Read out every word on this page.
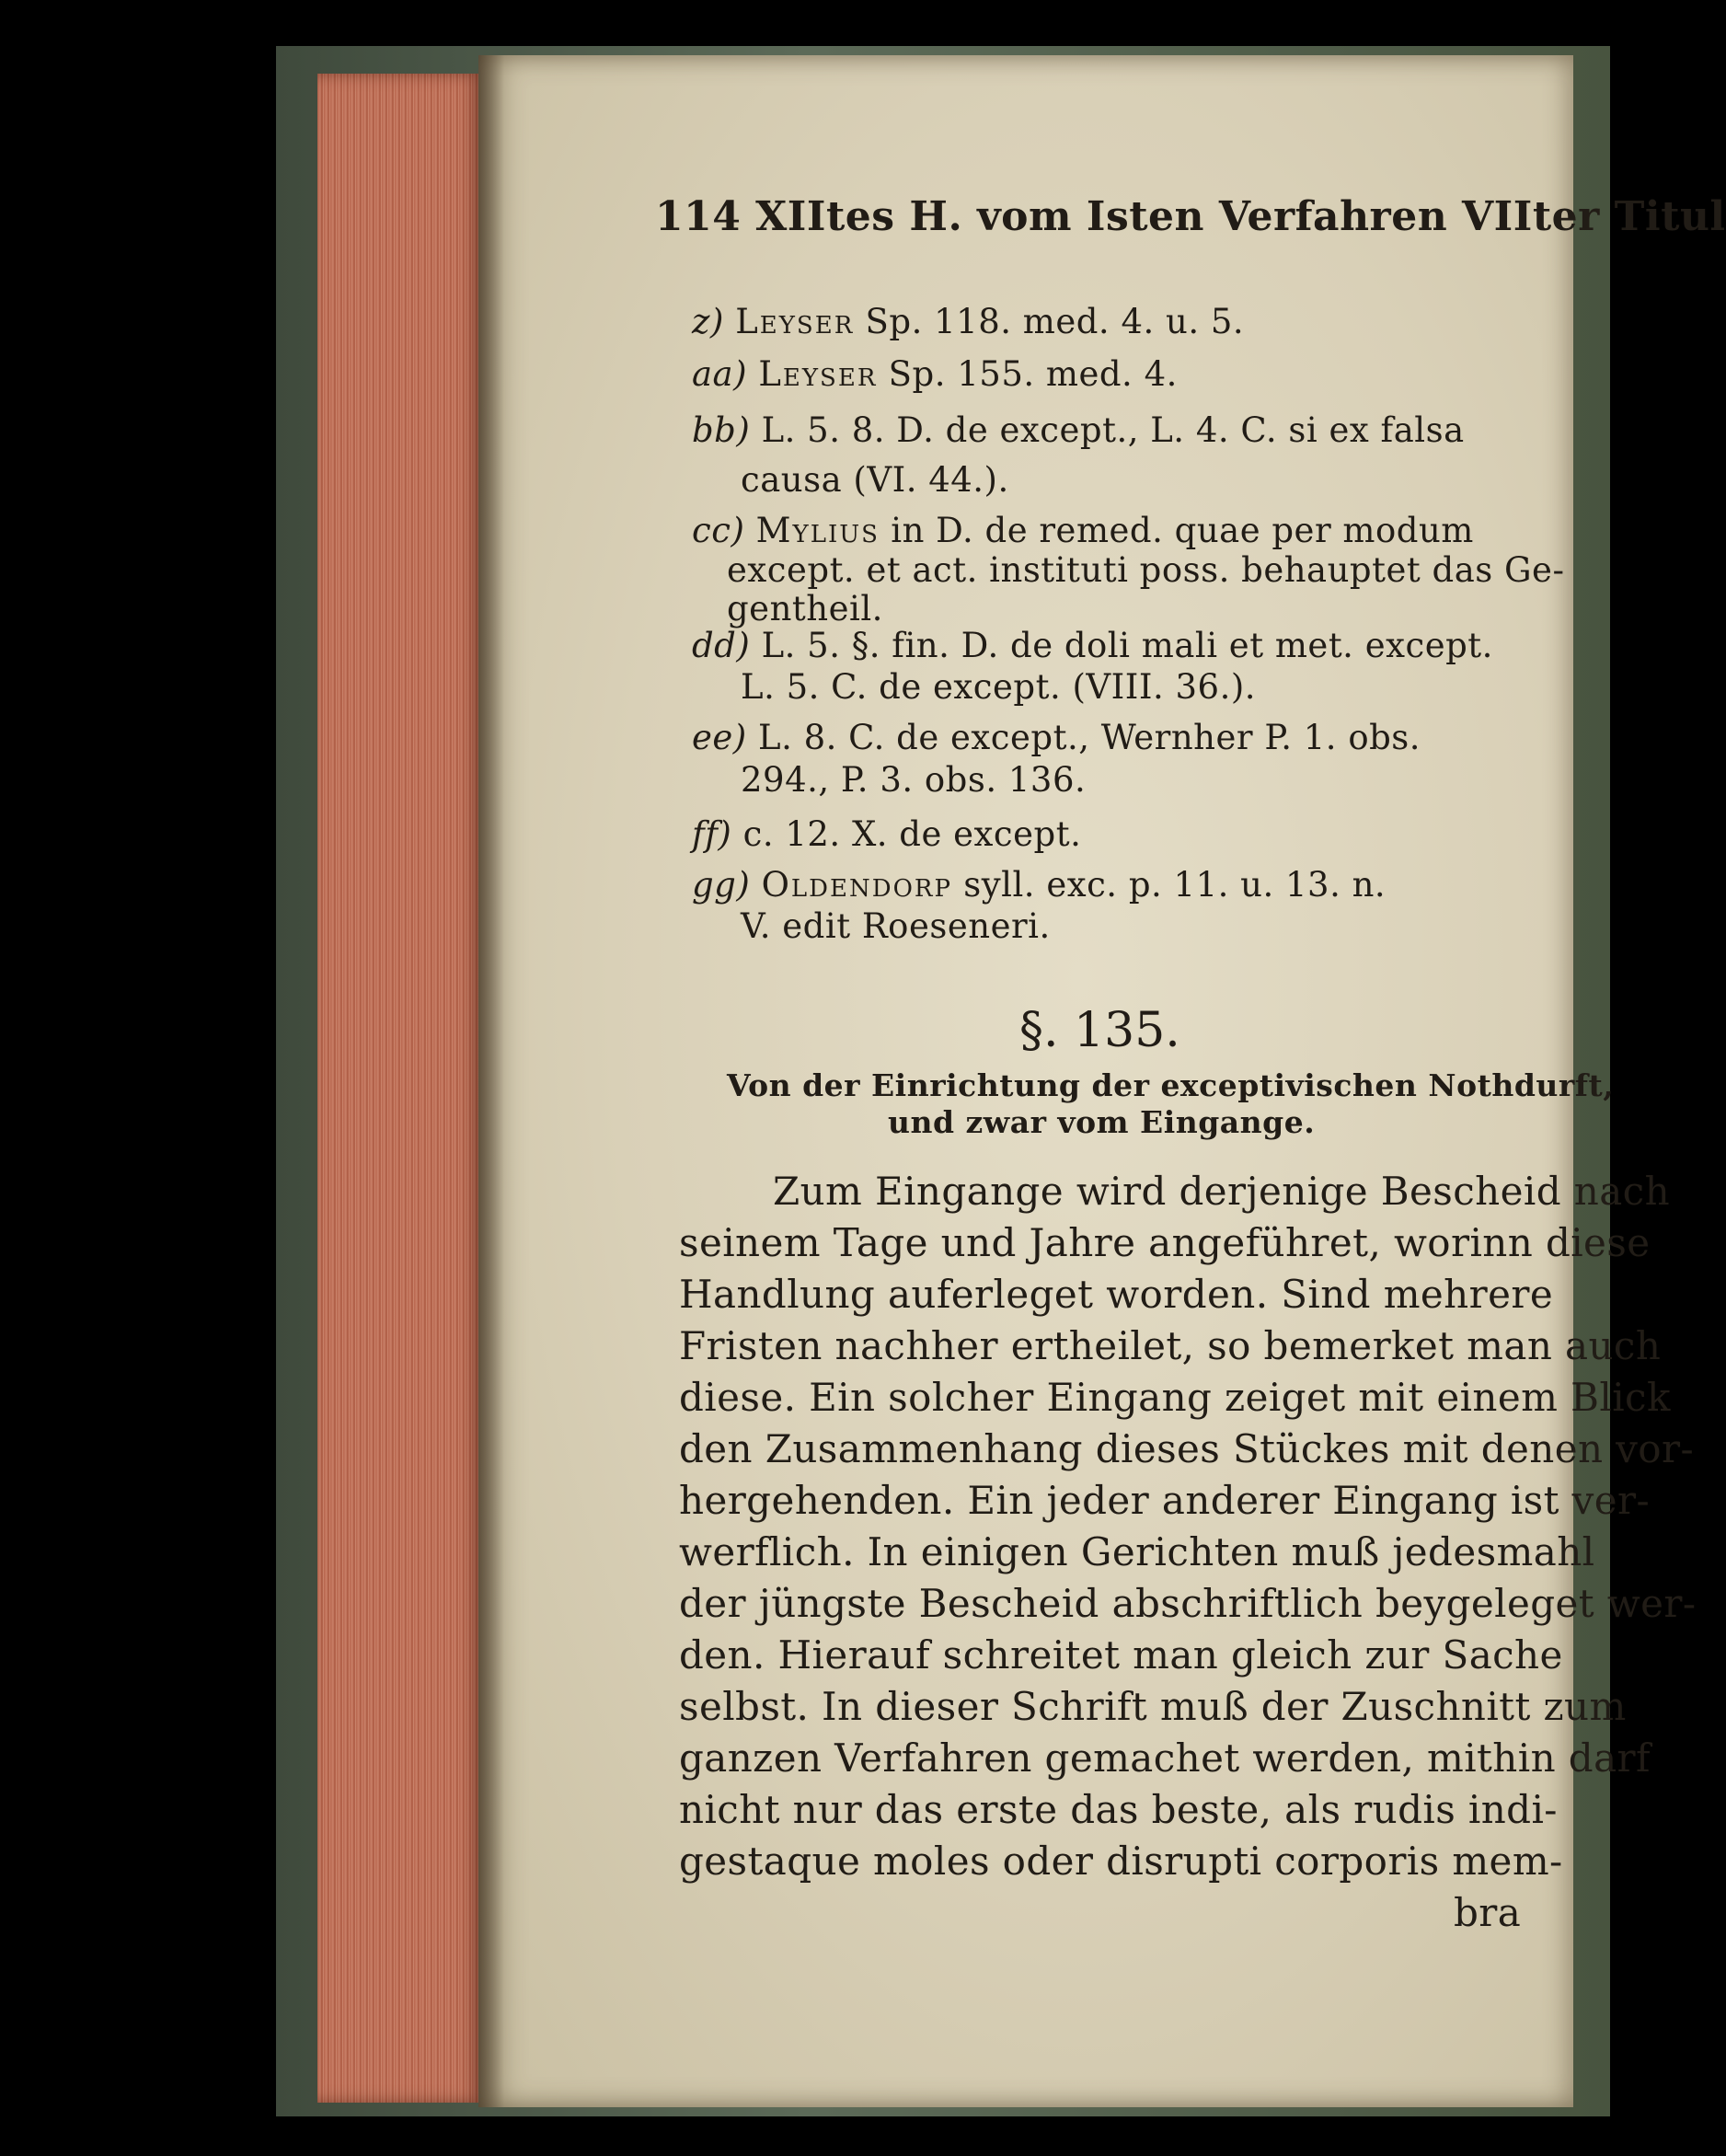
114 XIItes H. vom Isten Verfahren VIIter Titul
z) Leyser Sp. 118. med. 4. u. 5.
aa) Leyser Sp. 155. med. 4.
bb) L. 5. 8. D. de except., L. 4. C. si ex falsa
causa (VI. 44.).
cc) Mylius in D. de remed. quae per modum
except. et act. instituti poss. behauptet das Ge-
gentheil.
dd) L. 5. §. fin. D. de doli mali et met. except.
L. 5. C. de except. (VIII. 36.).
ee) L. 8. C. de except., Wernher P. 1. obs.
294., P. 3. obs. 136.
ff) c. 12. X. de except.
gg) Oldendorp syll. exc. p. 11. u. 13. n.
V. edit Roeseneri.
§. 135.
Von der Einrichtung der exceptivischen Nothdurft,
und zwar vom Eingange.
Zum Eingange wird derjenige Bescheid nach
seinem Tage und Jahre angeführet, worinn diese
Handlung auferleget worden. Sind mehrere
Fristen nachher ertheilet, so bemerket man auch
diese. Ein solcher Eingang zeiget mit einem Blick
den Zusammenhang dieses Stückes mit denen vor-
hergehenden. Ein jeder anderer Eingang ist ver-
werflich. In einigen Gerichten muß jedesmahl
der jüngste Bescheid abschriftlich beygeleget wer-
den. Hierauf schreitet man gleich zur Sache
selbst. In dieser Schrift muß der Zuschnitt zum
ganzen Verfahren gemachet werden, mithin darf
nicht nur das erste das beste, als rudis indi-
gestaque moles oder disrupti corporis mem-
bra
